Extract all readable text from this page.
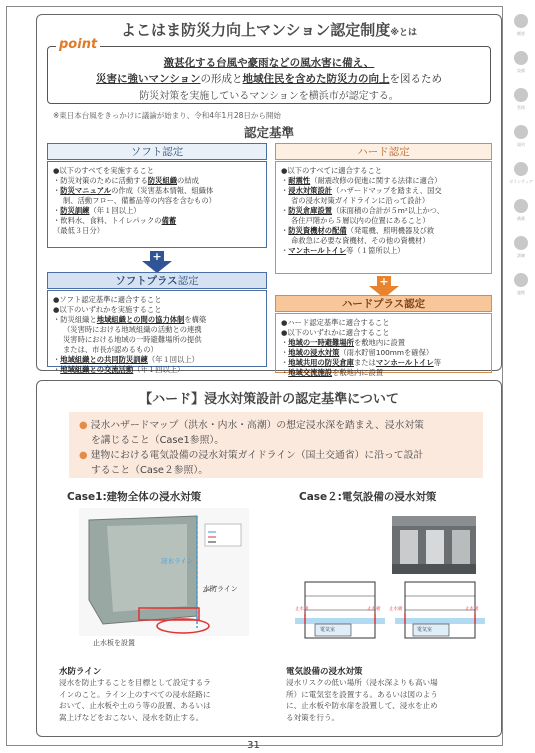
概要
設備
管理
規約
ボランティア
備蓄
訓練
連携
よこはま防災力向上マンション認定制度※とは
point
激甚化する台風や豪雨などの風水害に備え、
災害に強いマンションの形成と地域住民を含めた防災力の向上を図るため
防災対策を実施しているマンションを横浜市が認定する。
※東日本台風をきっかけに議論が始まり、令和4年1月28日から開始
認定基準
ソフト認定
●以下のすべてを実施すること
・防災対策のために活動する防災組織の結成
・防災マニュアルの作成（災害基本情報、組織体
制、活動フロー、備蓄品等の内容を含むもの）
・防災訓練（年１回以上）
・飲料水、食料、トイレパックの備蓄
（最低３日分）
+
ソフトプラス 認定
●ソフト認定基準に適合すること
●以下のいずれかを実施すること
・防災組織と地域組織との間の協力体制を構築
（災害時における地域組織の活動との連携
災害時における地域の一時避難場所の提供
または、市長が認めるもの）
・地域組織との共同防災訓練（年１回以上）
・地域組織との交流活動（年１回以上）
ハード認定
●以下のすべてに適合すること
・耐震性（耐震改修の促進に関する法律に適合）
・浸水対策設計（ハザードマップを踏まえ、国交
省の浸水対策ガイドラインに沿って設計）
・防災倉庫設置（床面積の合計が５m²以上かつ、
各住戸階から５層以内の位置にあること）
・防災資機材の配備（発電機、照明機器及び救
命救急に必要な資機材、その他の資機材）
・マンホールトイレ等（１箇所以上）
+
ハードプラス認定
●ハード認定基準に適合すること
●以下のいずれかに適合すること
・地域の一時避難場所を敷地内に設置
・地域の浸水対策（雨水貯留100mmを確保）
・地域共用の防災倉庫またはマンホールトイレ等
・地域交流施設を敷地内に設置
【ハード】浸水対策設計の認定基準について
● 浸水ハザードマップ（洪水・内水・高潮）の想定浸水深を踏まえ、浸水対策
を講じること（Case1参照）。
● 建物における電気設備の浸水対策ガイドライン（国土交通省）に沿って設計
すること（Case２参照）。
Case1:建物全体の浸水対策	Case２:電気設備の浸水対策
浸水ライン
水防ライン
止水板を設置
電気室	電気室
止水板	止水板 止水板	止水板
水防ライン
浸水を防止することを目標として設定するラ
インのこと。ライン上のすべての浸水経路に
おいて、止水板や土のう等の設置、あるいは
嵩上げなどをおこない、浸水を防止する。
電気設備の浸水対策
浸水リスクの低い場所（浸水深よりも高い場
所）に電気室を設置する。あるいは図のよう
に、止水板や防水扉を設置して、浸水を止め
る対策を行う。
31
